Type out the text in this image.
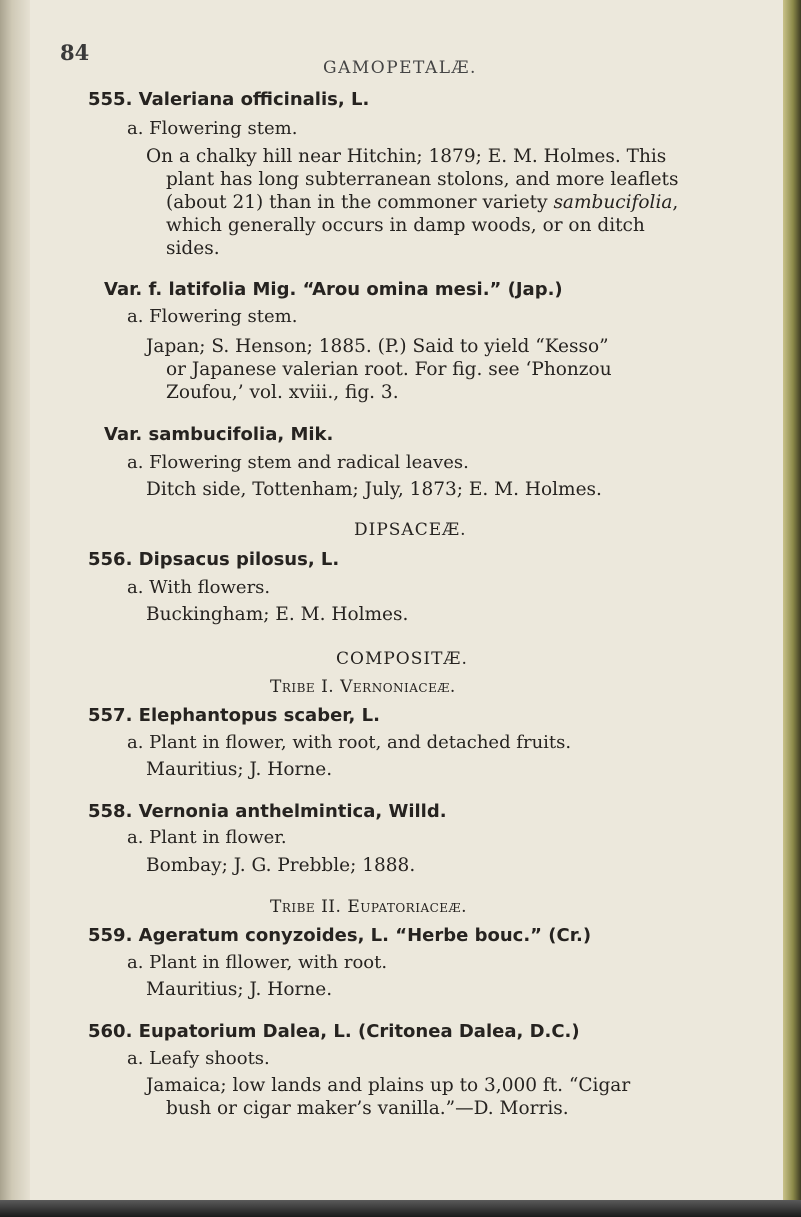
84
GAMOPETALÆ.
555. Valeriana officinalis, L.
a. Flowering stem.
On a chalky hill near Hitchin; 1879; E. M. Holmes. This
plant has long subterranean stolons, and more leaflets
(about 21) than in the commoner variety sambucifolia,
which generally occurs in damp woods, or on ditch
sides.
Var. f. latifolia Mig. “Arou omina mesi.” (Jap.)
a. Flowering stem.
Japan; S. Henson; 1885. (P.) Said to yield “Kesso”
or Japanese valerian root. For fig. see ‘Phonzou
Zoufou,’ vol. xviii., fig. 3.
Var. sambucifolia, Mik.
a. Flowering stem and radical leaves.
Ditch side, Tottenham; July, 1873; E. M. Holmes.
DIPSACEÆ.
556. Dipsacus pilosus, L.
a. With flowers.
Buckingham; E. M. Holmes.
COMPOSITÆ.
Tribe I. Vernoniaceæ.
557. Elephantopus scaber, L.
a. Plant in flower, with root, and detached fruits.
Mauritius; J. Horne.
558. Vernonia anthelmintica, Willd.
a. Plant in flower.
Bombay; J. G. Prebble; 1888.
Tribe II. Eupatoriaceæ.
559. Ageratum conyzoides, L. “Herbe bouc.” (Cr.)
a. Plant in fllower, with root.
Mauritius; J. Horne.
560. Eupatorium Dalea, L. (Critonea Dalea, D.C.)
a. Leafy shoots.
Jamaica; low lands and plains up to 3,000 ft. “Cigar
bush or cigar maker’s vanilla.”—D. Morris.
